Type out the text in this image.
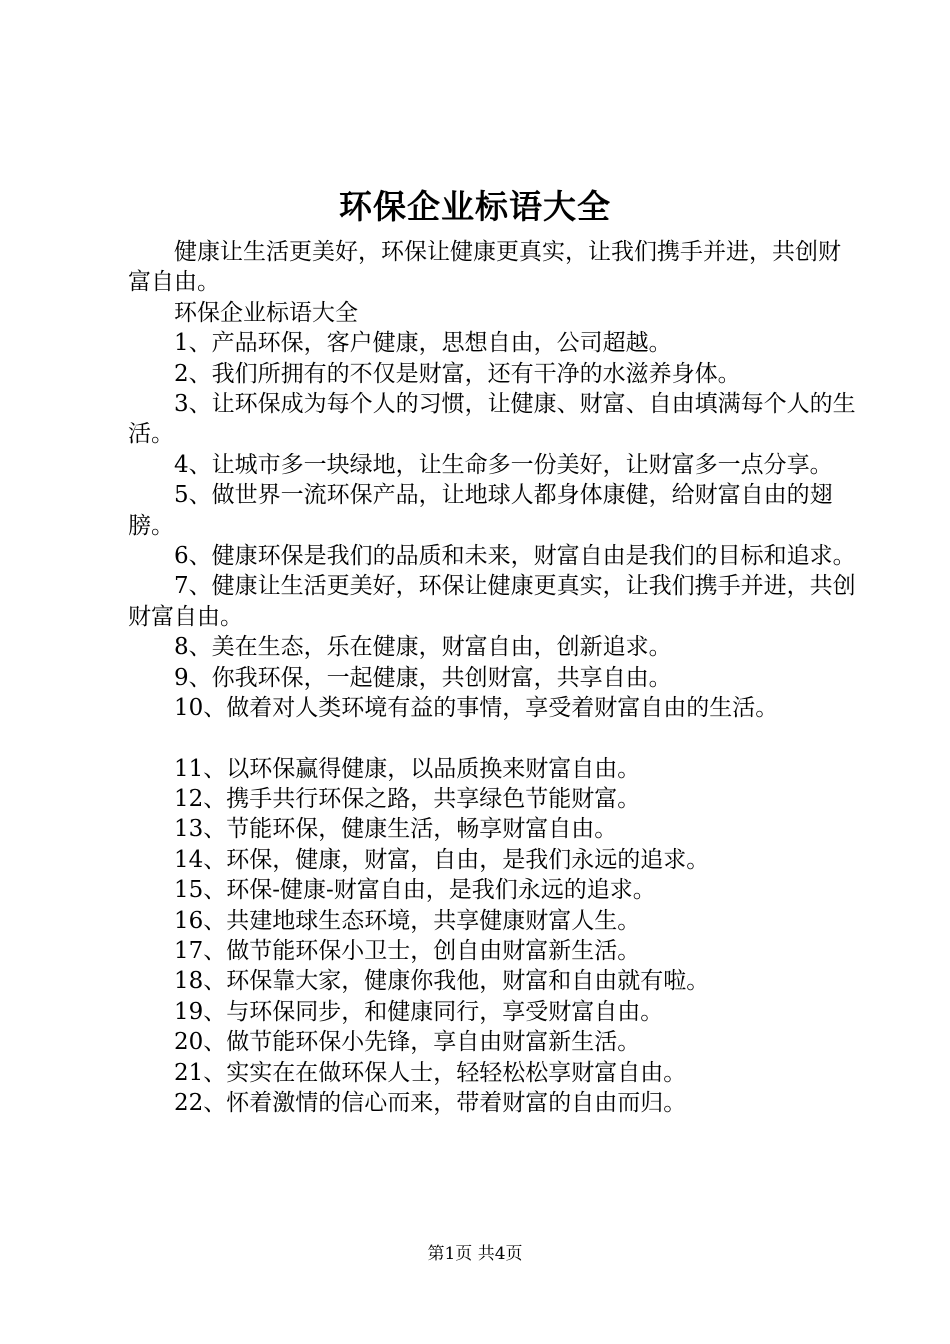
环保企业标语大全

健康让生活更美好，环保让健康更真实，让我们携手并进，共创财富自由。

环保企业标语大全

1、产品环保，客户健康，思想自由，公司超越。

2、我们所拥有的不仅是财富，还有干净的水滋养身体。

3、让环保成为每个人的习惯，让健康、财富、自由填满每个人的生活。

4、让城市多一块绿地，让生命多一份美好，让财富多一点分享。

5、做世界一流环保产品，让地球人都身体康健，给财富自由的翅膀。

6、健康环保是我们的品质和未来，财富自由是我们的目标和追求。

7、健康让生活更美好，环保让健康更真实，让我们携手并进，共创财富自由。

8、美在生态，乐在健康，财富自由，创新追求。

9、你我环保，一起健康，共创财富，共享自由。

10、做着对人类环境有益的事情，享受着财富自由的生活。

11、以环保赢得健康，以品质换来财富自由。

12、携手共行环保之路，共享绿色节能财富。

13、节能环保，健康生活，畅享财富自由。

14、环保，健康，财富，自由，是我们永远的追求。

15、环保-健康-财富自由，是我们永远的追求。

16、共建地球生态环境，共享健康财富人生。

17、做节能环保小卫士，创自由财富新生活。

18、环保靠大家，健康你我他，财富和自由就有啦。

19、与环保同步，和健康同行，享受财富自由。

20、做节能环保小先锋，享自由财富新生活。

21、实实在在做环保人士，轻轻松松享财富自由。

22、怀着激情的信心而来，带着财富的自由而归。

第1页 共4页
